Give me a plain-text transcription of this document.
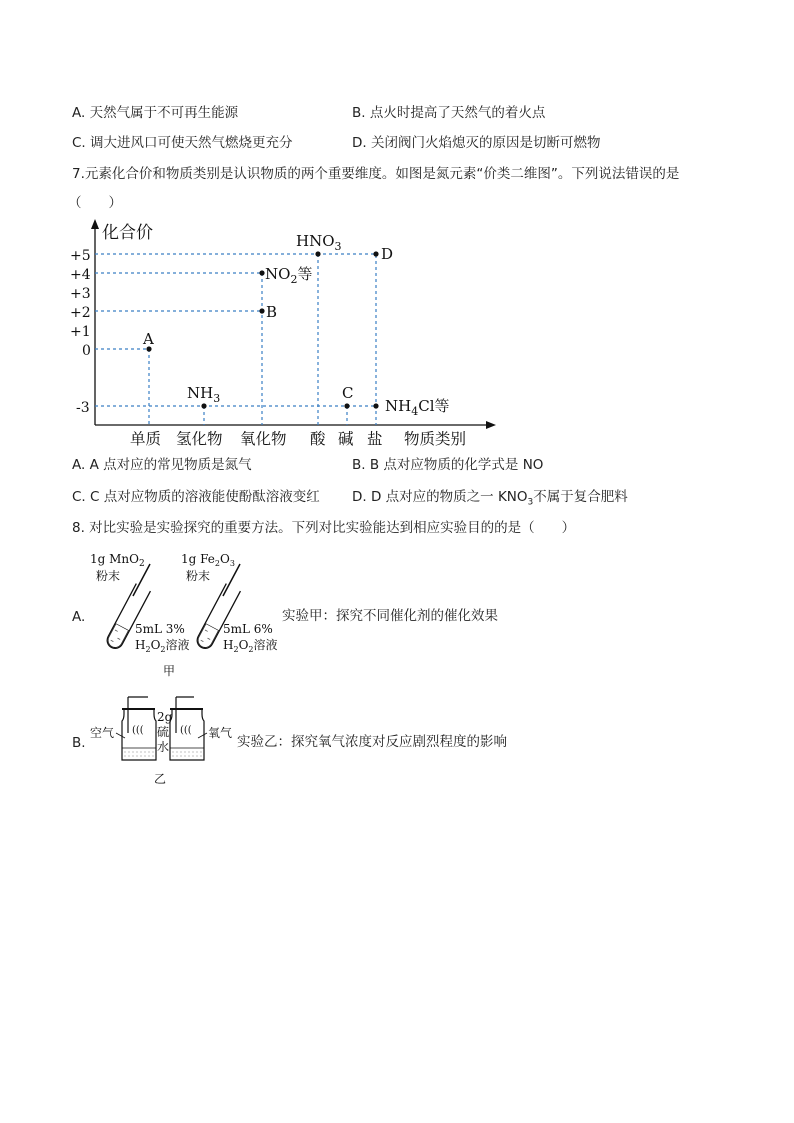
A. 天然气属于不可再生能源	B. 点火时提高了天然气的着火点
C. 调大进风口可使天然气燃烧更充分	D. 关闭阀门火焰熄灭的原因是切断可燃物
7.元素化合价和物质类别是认识物质的两个重要维度。如图是氮元素“价类二维图”。下列说法错误的是
（　　）
化合价
+5
+4
+3
+2
+1
0
-3
A
$NH_3$
$NO_2$等
B
$HNO_3$
C
D
$NH_4Cl$等
单质 氢化物 氧化物 酸 碱 盐 物质类别
A. A 点对应的常见物质是氮气	B. B 点对应物质的化学式是 NO
C. C 点对应物质的溶液能使酚酞溶液变红 D. D 点对应的物质之一 $KNO_3$不属于复合肥料
8. 对比实验是实验探究的重要方法。下列对比实验能达到相应实验目的的是（　　）
A.
1g MnO$_2$
粉末
5mL 3%
$H_2O_2$溶液
1g $Fe_2O_3$
粉末
5mL 6%
$H_2O_2$溶液
甲
实验甲：探究不同催化剂的催化效果
B.
空气 (((	(((
2g
硫
水
氧气
乙
实验乙：探究氧气浓度对反应剧烈程度的影响
